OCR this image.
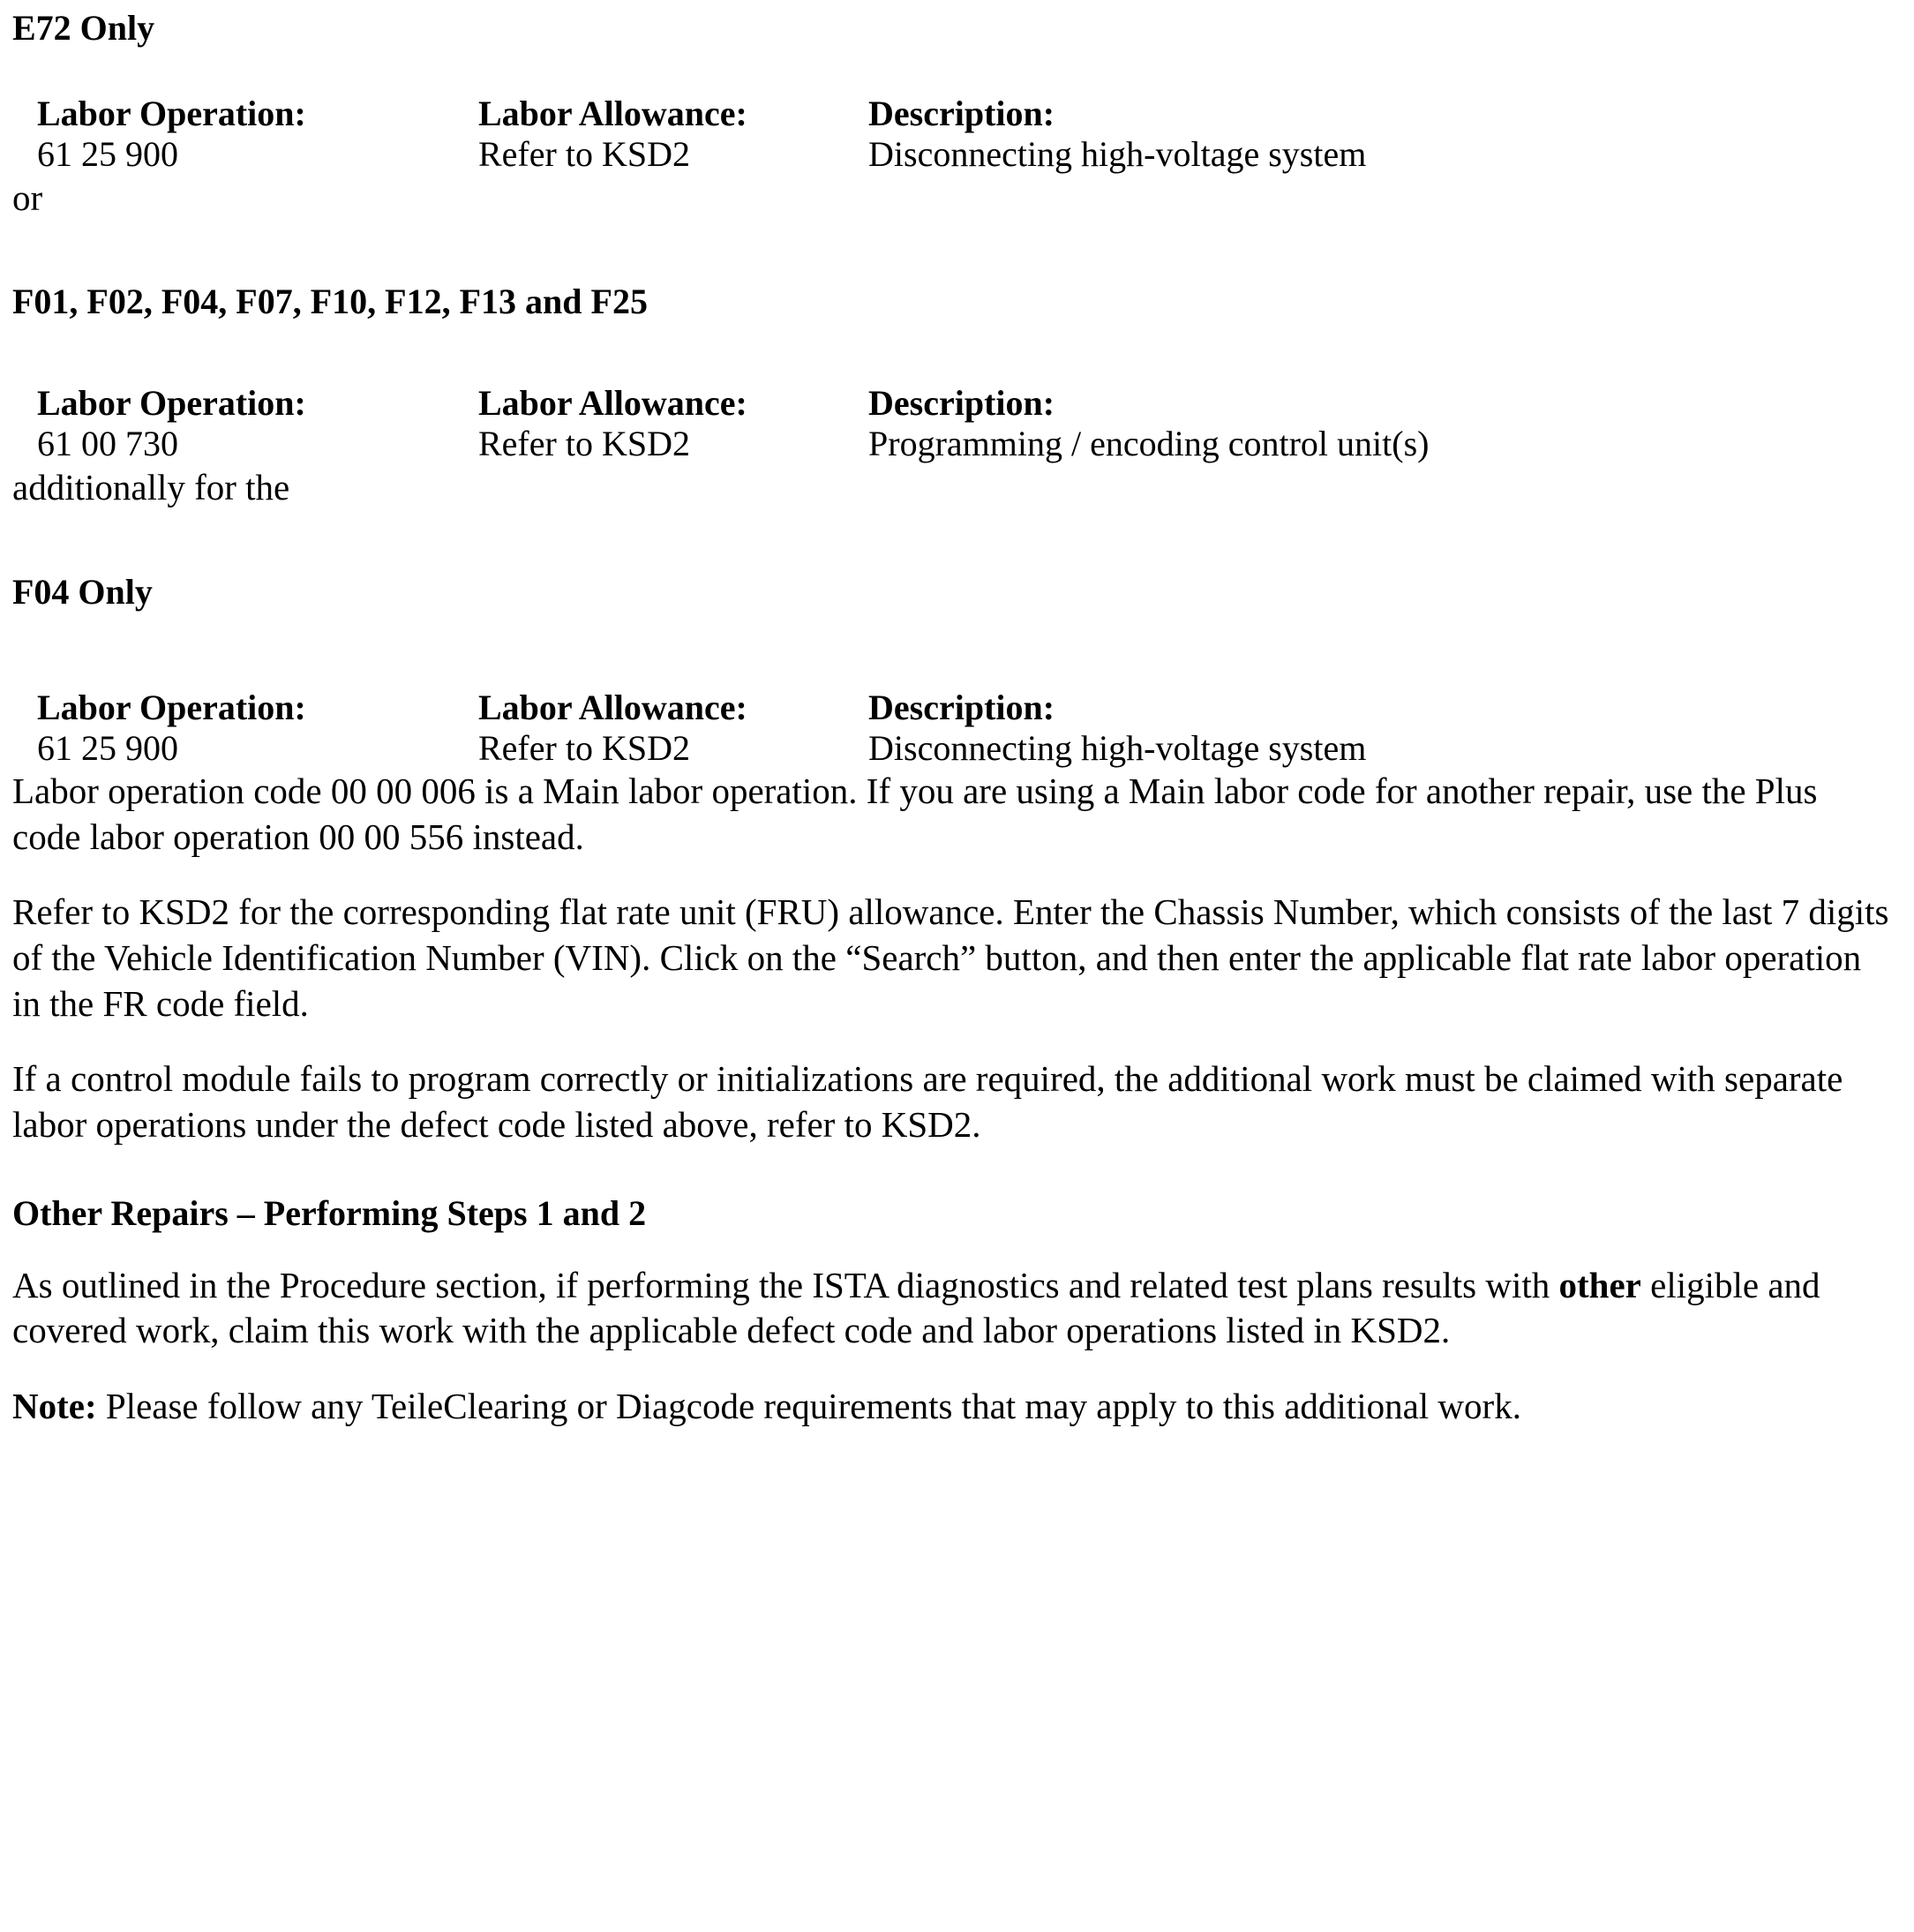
E72 Only
Labor Operation:	Labor Allowance:	Description:
61 25 900	Refer to KSD2	Disconnecting high-voltage system
or
F01, F02, F04, F07, F10, F12, F13 and F25
Labor Operation:	Labor Allowance:	Description:
61 00 730	Refer to KSD2	Programming / encoding control unit(s)
additionally for the
F04 Only
Labor Operation:	Labor Allowance:	Description:
61 25 900	Refer to KSD2	Disconnecting high-voltage system

Labor operation code 00 00 006 is a Main labor operation. If you are using a Main labor code for another repair, use the Plus code labor operation 00 00 556 instead.

Refer to KSD2 for the corresponding flat rate unit (FRU) allowance. Enter the Chassis Number, which consists of the last 7 digits of the Vehicle Identification Number (VIN). Click on the “Search” button, and then enter the applicable flat rate labor operation in the FR code field.

If a control module fails to program correctly or initializations are required, the additional work must be claimed with separate labor operations under the defect code listed above, refer to KSD2.

Other Repairs – Performing Steps 1 and 2

As outlined in the Procedure section, if performing the ISTA diagnostics and related test plans results with other eligible and covered work, claim this work with the applicable defect code and labor operations listed in KSD2.

Note: Please follow any TeileClearing or Diagcode requirements that may apply to this additional work.
